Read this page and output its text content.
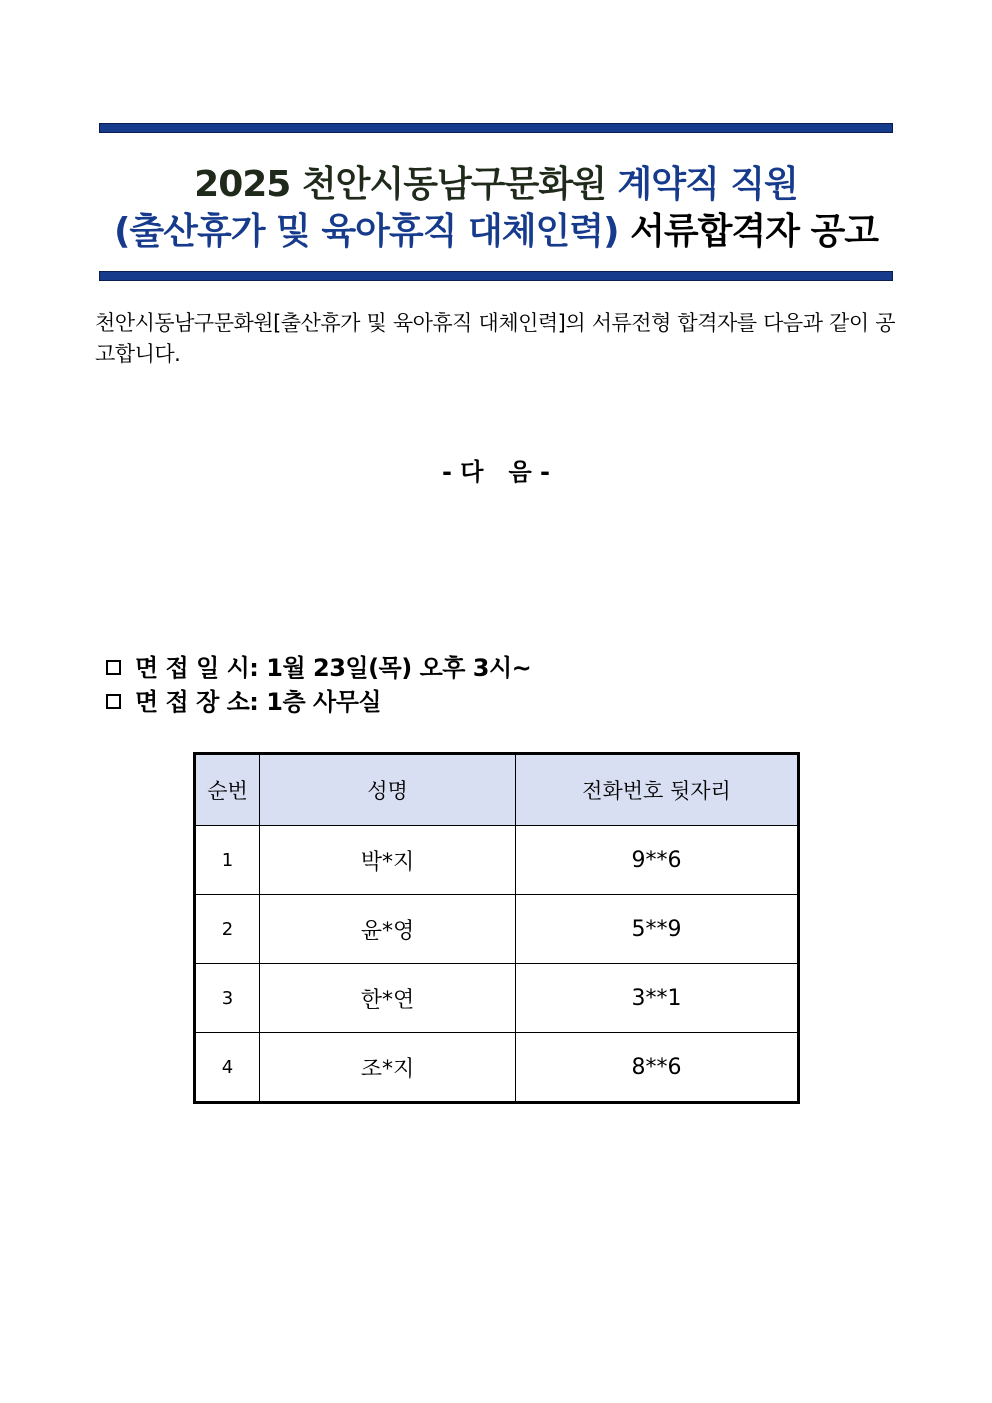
2025 천안시동남구문화원 계약직 직원
(출산휴가 및 육아휴직 대체인력) 서류합격자 공고
천안시동남구문화원[출산휴가 및 육아휴직 대체인력]의 서류전형 합격자를 다음과 같이 공고합니다.
- 다   음 -
면 접 일 시: 1월 23일(목) 오후 3시~
면 접 장 소: 1층 사무실
순번	성명	전화번호 뒷자리
1	박*지	9**6
2	윤*영	5**9
3	한*연	3**1
4	조*지	8**6
